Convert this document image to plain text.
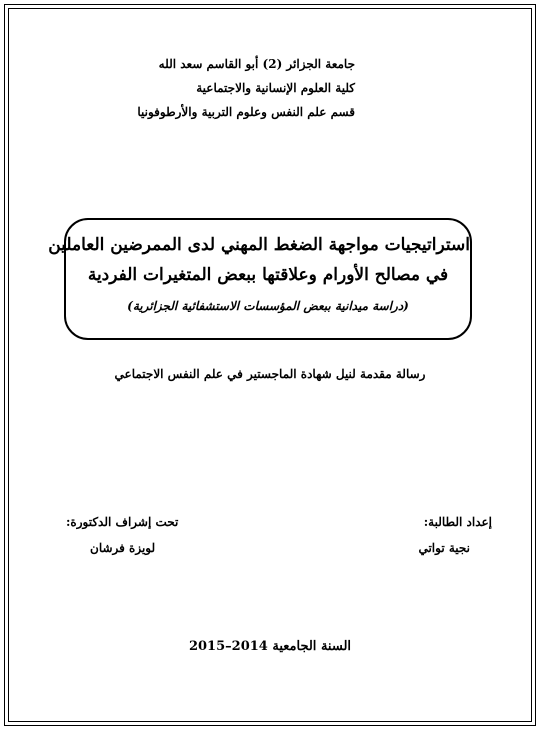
جامعة الجزائر (2) أبو القاسم سعد الله
كلية العلوم الإنسانية والاجتماعية
قسم علم النفس وعلوم التربية والأرطوفونيا
استراتيجيات مواجهة الضغط المهني لدى الممرضين العاملين
في مصالح الأورام وعلاقتها ببعض المتغيرات الفردية
(دراسة ميدانية ببعض المؤسسات الاستشفائية الجزائرية)
رسالة مقدمة لنيل شهادة الماجستير في علم النفس الاجتماعي
إعداد الطالبة:
نجية تواتي
تحت إشراف الدكتورة:
لويزة فرشان
السنة الجامعية 2014–2015
